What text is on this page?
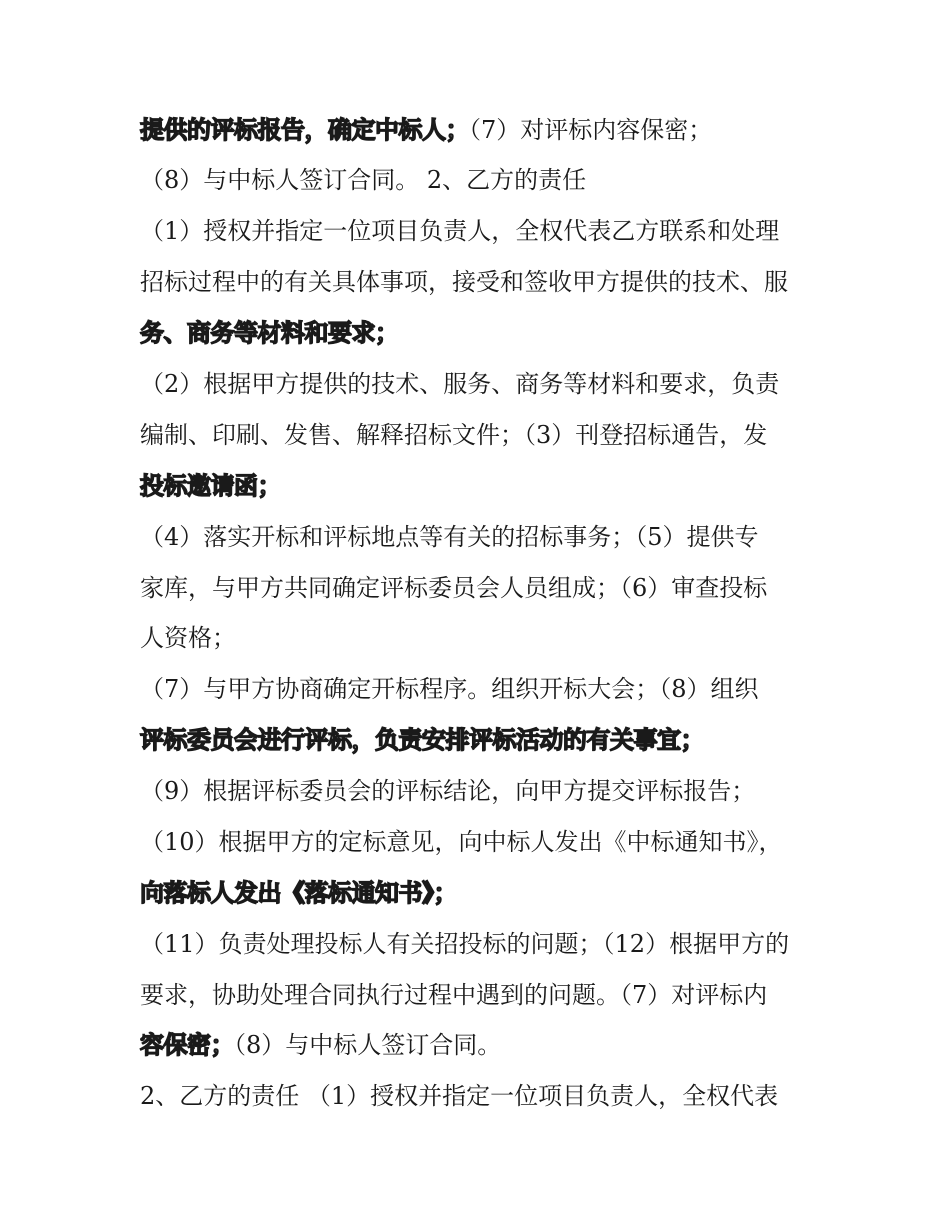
提供的评标报告，确定中标人；（7）对评标内容保密；
（8）与中标人签订合同。 2、乙方的责任
（1）授权并指定一位项目负责人，全权代表乙方联系和处理
招标过程中的有关具体事项，接受和签收甲方提供的技术、服
务、商务等材料和要求；
（2）根据甲方提供的技术、服务、商务等材料和要求，负责
编制、印刷、发售、解释招标文件；（3）刊登招标通告，发
投标邀请函；
（4）落实开标和评标地点等有关的招标事务；（5）提供专
家库，与甲方共同确定评标委员会人员组成；（6）审查投标
人资格；
（7）与甲方协商确定开标程序。组织开标大会；（8）组织
评标委员会进行评标，负责安排评标活动的有关事宜；
（9）根据评标委员会的评标结论，向甲方提交评标报告；
（10）根据甲方的定标意见，向中标人发出《中标通知书》，
向落标人发出《落标通知书》；
（11）负责处理投标人有关招投标的问题；（12）根据甲方的
要求，协助处理合同执行过程中遇到的问题。（7）对评标内
容保密；（8）与中标人签订合同。
2、乙方的责任 （1）授权并指定一位项目负责人，全权代表
